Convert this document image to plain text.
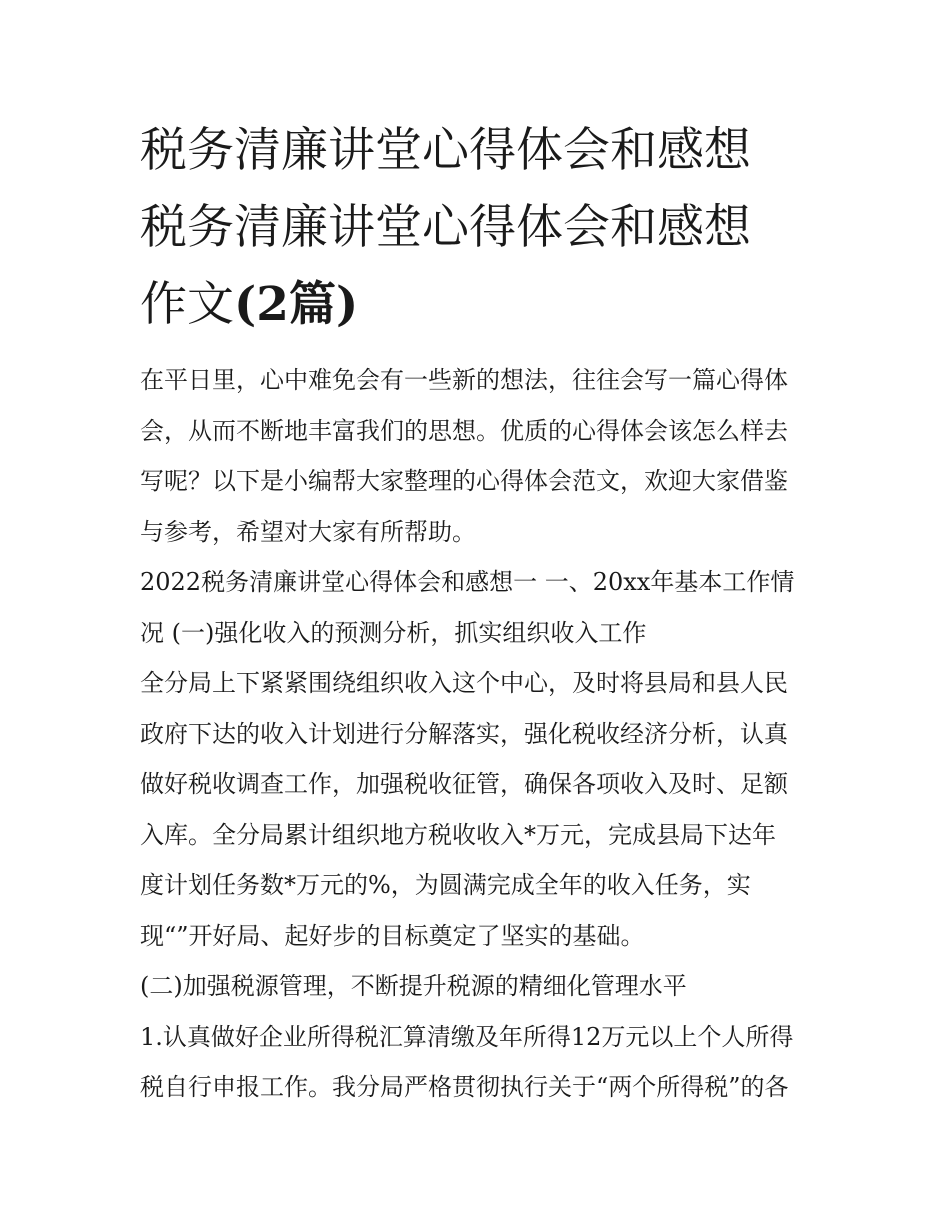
税务清廉讲堂心得体会和感想
税务清廉讲堂心得体会和感想
作文(2篇)

在平日里，心中难免会有一些新的想法，往往会写一篇心得体
会，从而不断地丰富我们的思想。优质的心得体会该怎么样去
写呢？以下是小编帮大家整理的心得体会范文，欢迎大家借鉴
与参考，希望对大家有所帮助。

2022税务清廉讲堂心得体会和感想一 一、20xx年基本工作情
况 (一)强化收入的预测分析，抓实组织收入工作

全分局上下紧紧围绕组织收入这个中心，及时将县局和县人民
政府下达的收入计划进行分解落实，强化税收经济分析，认真
做好税收调查工作，加强税收征管，确保各项收入及时、足额
入库。全分局累计组织地方税收收入*万元，完成县局下达年
度计划任务数*万元的%，为圆满完成全年的收入任务，实
现“”开好局、起好步的目标奠定了坚实的基础。

(二)加强税源管理，不断提升税源的精细化管理水平

1.认真做好企业所得税汇算清缴及年所得12万元以上个人所得
税自行申报工作。我分局严格贯彻执行关于“两个所得税”的各
